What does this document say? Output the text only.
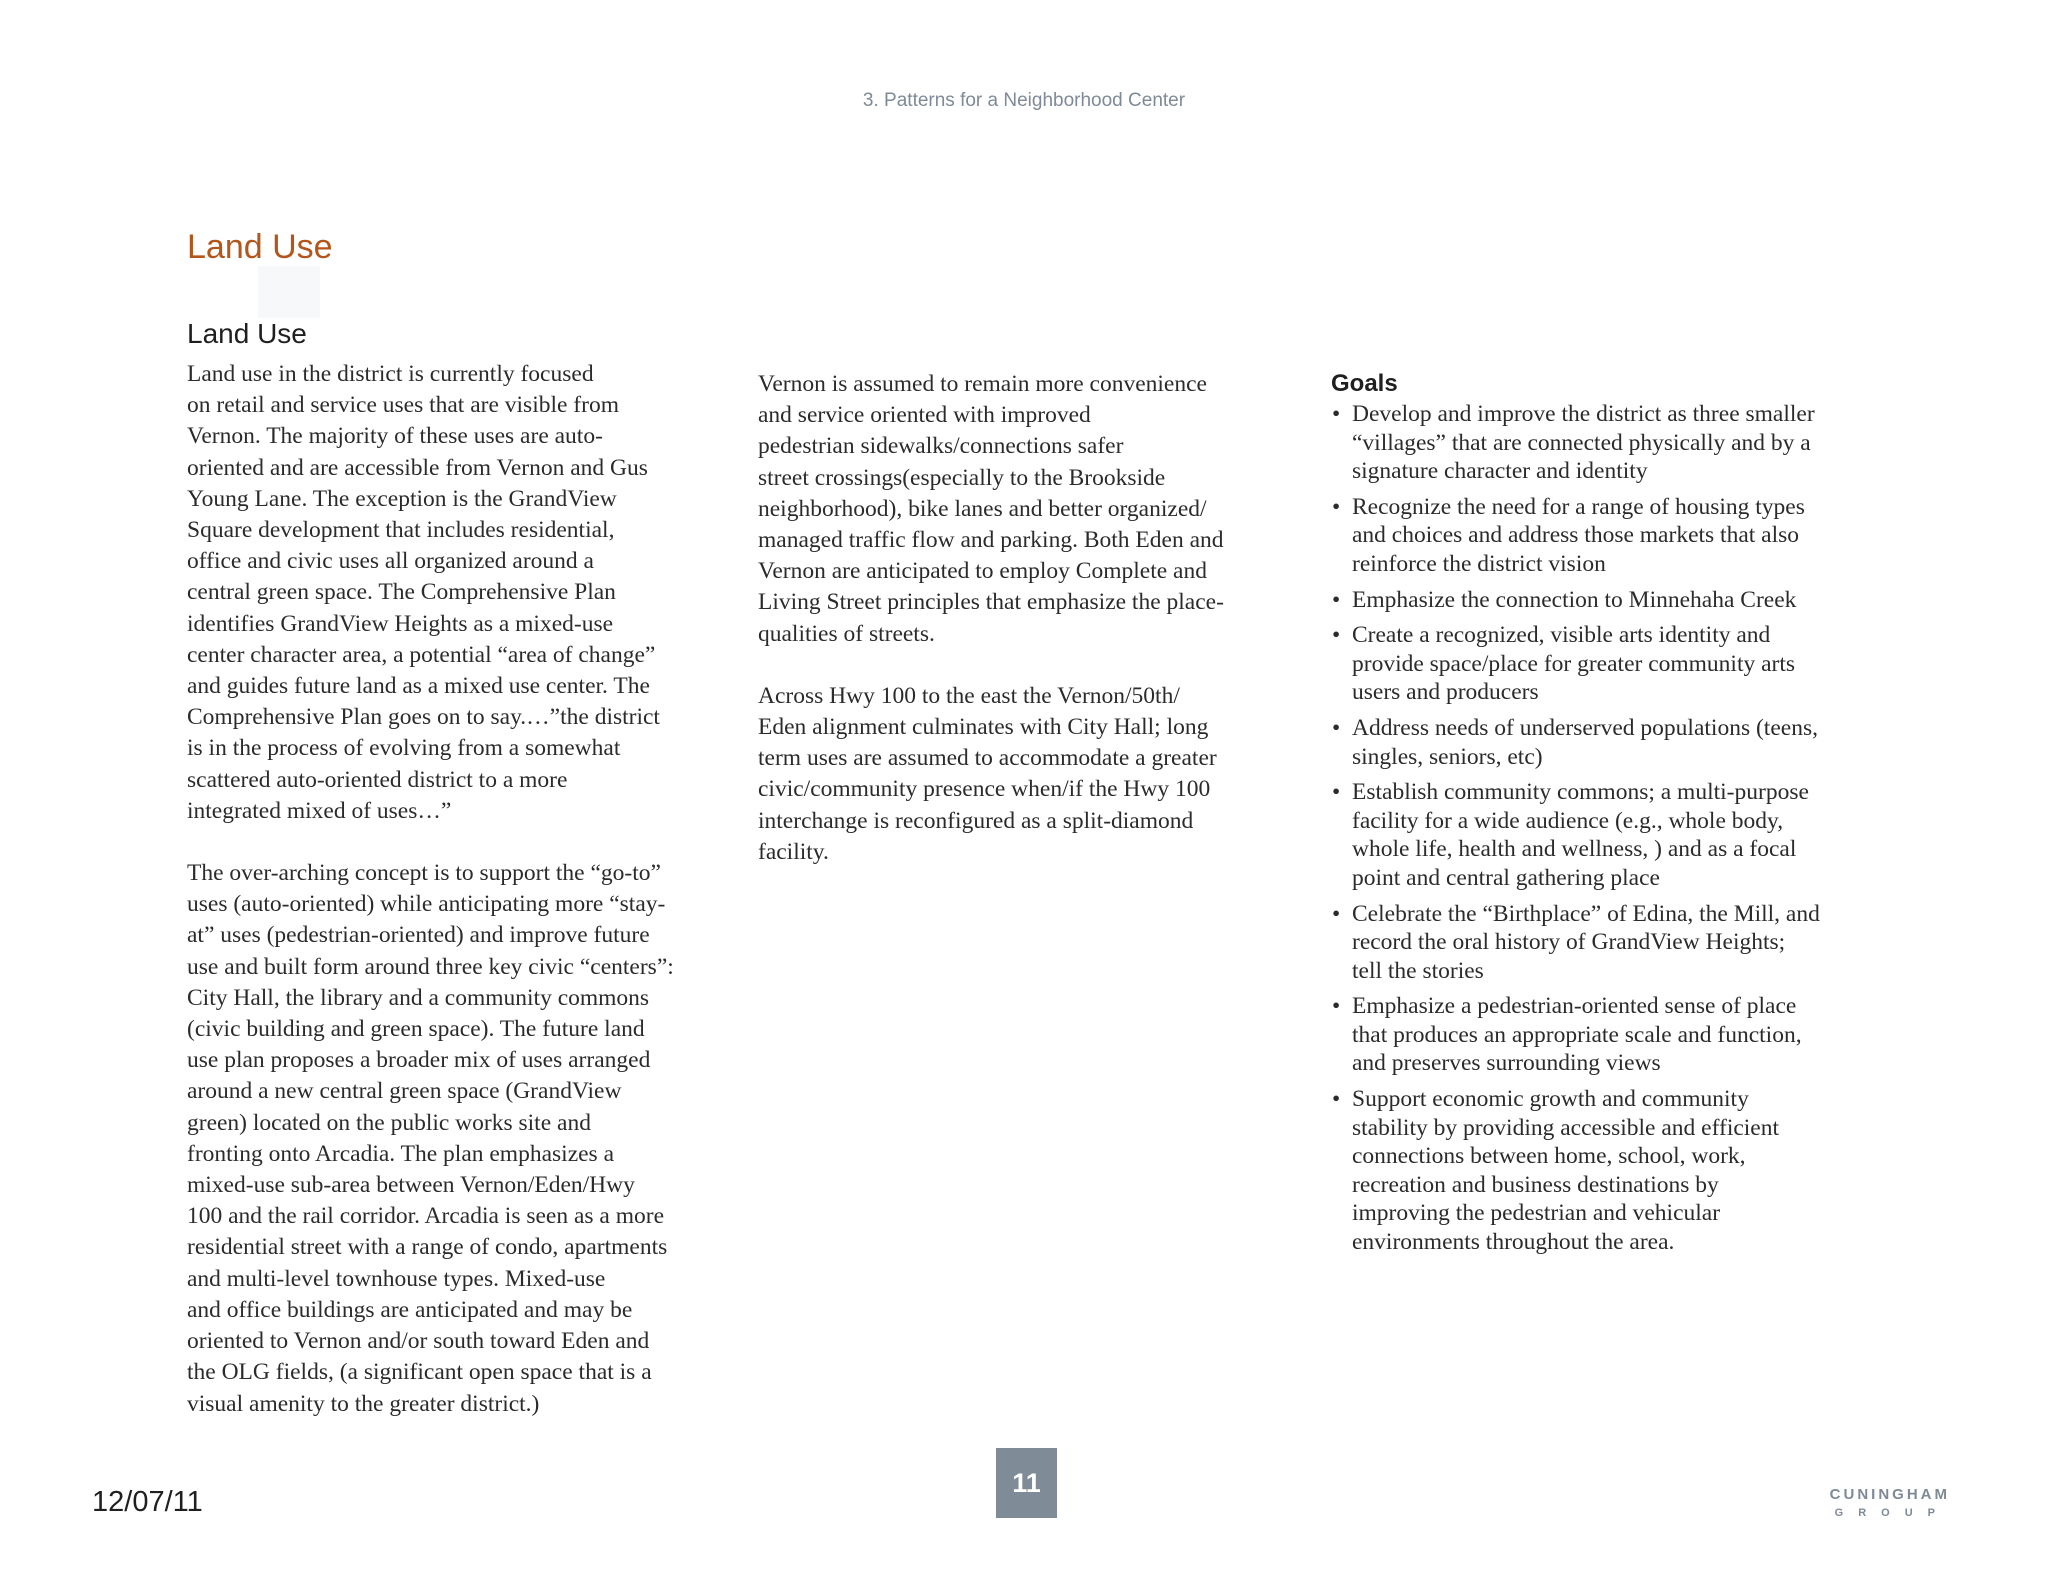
3. Patterns for a Neighborhood Center
Land Use
Land Use

Land use in the district is currently focused
on retail and service uses that are visible from
Vernon. The majority of these uses are auto-
oriented and are accessible from Vernon and Gus
Young Lane. The exception is the GrandView
Square development that includes residential,
office and civic uses all organized around a
central green space. The Comprehensive Plan
identifies GrandView Heights as a mixed-use
center character area, a potential “area of change”
and guides future land as a mixed use center. The
Comprehensive Plan goes on to say.…”the district
is in the process of evolving from a somewhat
scattered auto-oriented district to a more
integrated mixed of uses…”

The over-arching concept is to support the “go-to”
uses (auto-oriented) while anticipating more “stay-
at” uses (pedestrian-oriented) and improve future
use and built form around three key civic “centers”:
City Hall, the library and a community commons
(civic building and green space). The future land
use plan proposes a broader mix of uses arranged
around a new central green space (GrandView
green) located on the public works site and
fronting onto Arcadia. The plan emphasizes a
mixed-use sub-area between Vernon/Eden/Hwy
100 and the rail corridor. Arcadia is seen as a more
residential street with a range of condo, apartments
and multi-level townhouse types. Mixed-use
and office buildings are anticipated and may be
oriented to Vernon and/or south toward Eden and
the OLG fields, (a significant open space that is a
visual amenity to the greater district.)

Vernon is assumed to remain more convenience
and service oriented with improved
pedestrian sidewalks/connections safer
street crossings(especially to the Brookside
neighborhood), bike lanes and better organized/
managed traffic flow and parking. Both Eden and
Vernon are anticipated to employ Complete and
Living Street principles that emphasize the place-
qualities of streets.

Across Hwy 100 to the east the Vernon/50th/
Eden alignment culminates with City Hall; long
term uses are assumed to accommodate a greater
civic/community presence when/if the Hwy 100
interchange is reconfigured as a split-diamond
facility.

Goals
• Develop and improve the district as three smaller
“villages” that are connected physically and by a
signature character and identity
• Recognize the need for a range of housing types
and choices and address those markets that also
reinforce the district vision
• Emphasize the connection to Minnehaha Creek
• Create a recognized, visible arts identity and
provide space/place for greater community arts
users and producers
• Address needs of underserved populations (teens,
singles, seniors, etc)
• Establish community commons; a multi-purpose
facility for a wide audience (e.g., whole body,
whole life, health and wellness, ) and as a focal
point and central gathering place
• Celebrate the “Birthplace” of Edina, the Mill, and
record the oral history of GrandView Heights;
tell the stories
• Emphasize a pedestrian-oriented sense of place
that produces an appropriate scale and function,
and preserves surrounding views
• Support economic growth and community
stability by providing accessible and efficient
connections between home, school, work,
recreation and business destinations by
improving the pedestrian and vehicular
environments throughout the area.
12/07/11
11	CUNINGHAM
GROUP
